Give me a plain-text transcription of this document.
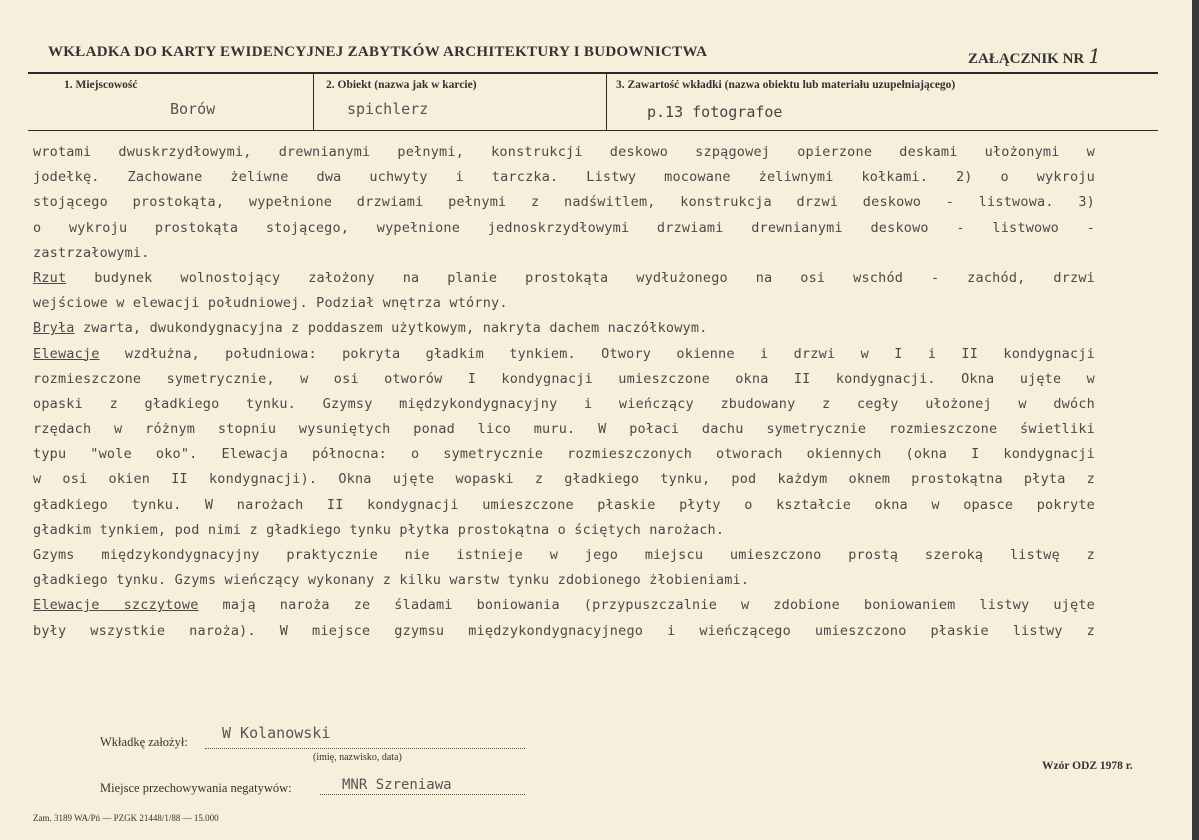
WKŁADKA DO KARTY EWIDENCYJNEJ ZABYTKÓW ARCHITEKTURY I BUDOWNICTWA	ZAŁĄCZNIK NR 1
1. Miejscowość
Borów
2. Obiekt (nazwa jak w karcie)
spichlerz
3. Zawartość wkładki (nazwa obiektu lub materiału uzupełniającego)
p.13 fotografoe
wrotami dwuskrzydłowymi, drewnianymi pełnymi, konstrukcji deskowo szpągowej opierzone deskami ułożonymi w
jodełkę. Zachowane żeliwne dwa uchwyty i tarczka. Listwy mocowane żeliwnymi kołkami. 2) o wykroju
stojącego prostokąta, wypełnione drzwiami pełnymi z nadświtlem, konstrukcja drzwi deskowo - listwowa. 3)
o wykroju prostokąta stojącego, wypełnione jednoskrzydłowymi drzwiami drewnianymi deskowo - listwowo -
zastrzałowymi.
Rzut budynek wolnostojący założony na planie prostokąta wydłużonego na osi wschód - zachód, drzwi
wejściowe w elewacji południowej. Podział wnętrza wtórny.
Bryła zwarta, dwukondygnacyjna z poddaszem użytkowym, nakryta dachem naczółkowym.
Elewacje wzdłużna, południowa: pokryta gładkim tynkiem. Otwory okienne i drzwi w I i II kondygnacji
rozmieszczone symetrycznie, w osi otworów I kondygnacji umieszczone okna II kondygnacji. Okna ujęte w
opaski z gładkiego tynku. Gzymsy międzykondygnacyjny i wieńczący zbudowany z cegły ułożonej w dwóch
rzędach w różnym stopniu wysuniętych ponad lico muru. W połaci dachu symetrycznie rozmieszczone świetliki
typu "wole oko". Elewacja północna: o symetrycznie rozmieszczonych otworach okiennych (okna I kondygnacji
w osi okien II kondygnacji). Okna ujęte wopaski z gładkiego tynku, pod każdym oknem prostokątna płyta z
gładkiego tynku. W narożach II kondygnacji umieszczone płaskie płyty o kształcie okna w opasce pokryte
gładkim tynkiem, pod nimi z gładkiego tynku płytka prostokątna o ściętych narożach.
Gzyms międzykondygnacyjny praktycznie nie istnieje w jego miejscu umieszczono prostą szeroką listwę z
gładkiego tynku. Gzyms wieńczący wykonany z kilku warstw tynku zdobionego żłobieniami.
Elewacje szczytowe mają naroża ze śladami boniowania (przypuszczalnie w zdobione boniowaniem listwy ujęte
były wszystkie naroża). W miejsce gzymsu międzykondygnacyjnego i wieńczącego umieszczono płaskie listwy z
Wkładkę założył: W Kolanowski
(imię, nazwisko, data)
Miejsce przechowywania negatywów:	MNR Szreniawa
Wzór ODZ 1978 r.
Zam. 3189 WA/Pń — PZGK 21448/1/88 — 15.000
